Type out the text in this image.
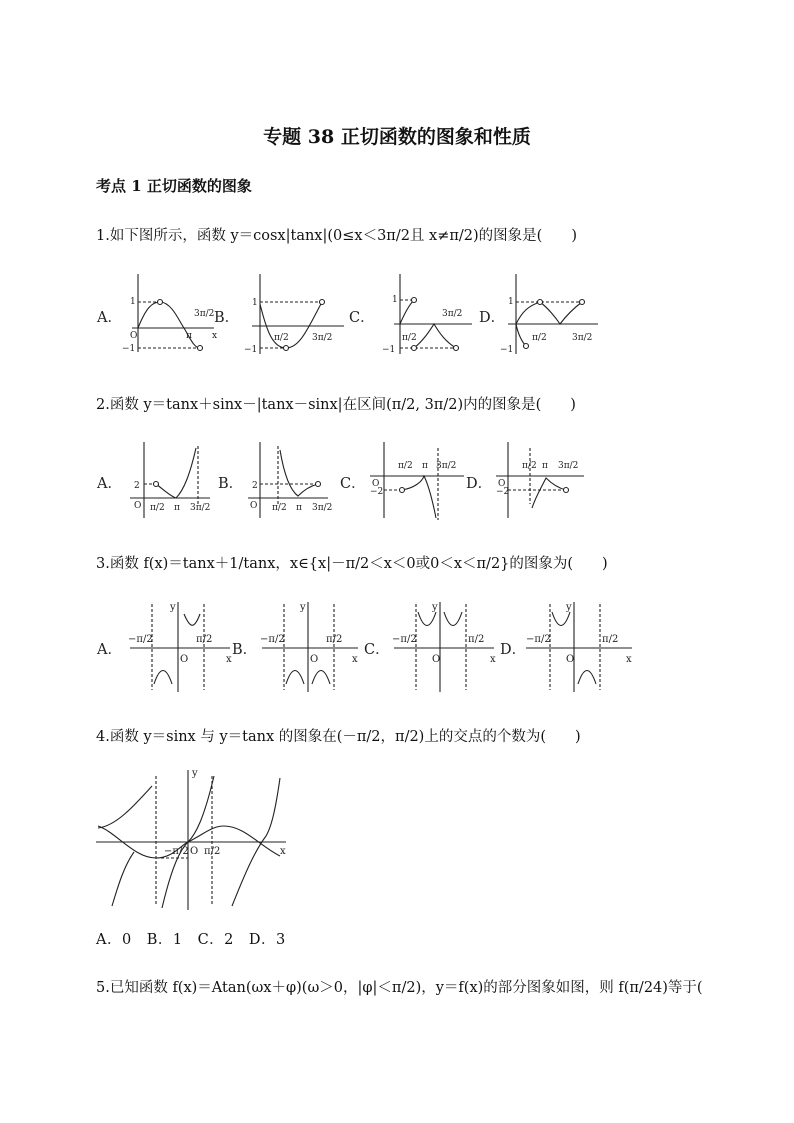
专题 38 正切函数的图象和性质
考点 1 正切函数的图象
1.如下图所示，函数 y＝cosx|tanx|(0≤x＜3π/2且 x≠π/2)的图象是(　　)
A．	B．	C．	D．
1
−1
O	π
3π/2
x
1
−1
π/2	3π/2
1
−1
π/2
3π/2
1
−1
π/2	3π/2
2.函数 y＝tanx＋sinx－|tanx－sinx|在区间(π/2, 3π/2)内的图象是(　　)
A．	B．	C．	D．
2
O π/2 π 3π/2
2
O π/2 π 3π/2
O
−2
π/2 π 3π/2
O
−2
π/2 π 3π/2
3.函数 f(x)＝tanx＋1/tanx，x∈{x|－π/2＜x＜0或0＜x＜π/2}的图象为(　　)
A．	B．	C．	D．
−π/2	π/2
y
O	x
−π/2	π/2
y
O	x
−π/2	π/2
y
O	x
−π/2	π/2
y
O	x
4.函数 y＝sinx 与 y＝tanx 的图象在(－π/2，π/2)上的交点的个数为(　　)
y
x
O
−π/2 π/2
A．0　B．1　C．2　D．3
5.已知函数 f(x)＝Atan(ωx＋φ)(ω＞0，|φ|＜π/2)，y＝f(x)的部分图象如图，则 f(π/24)等于(
